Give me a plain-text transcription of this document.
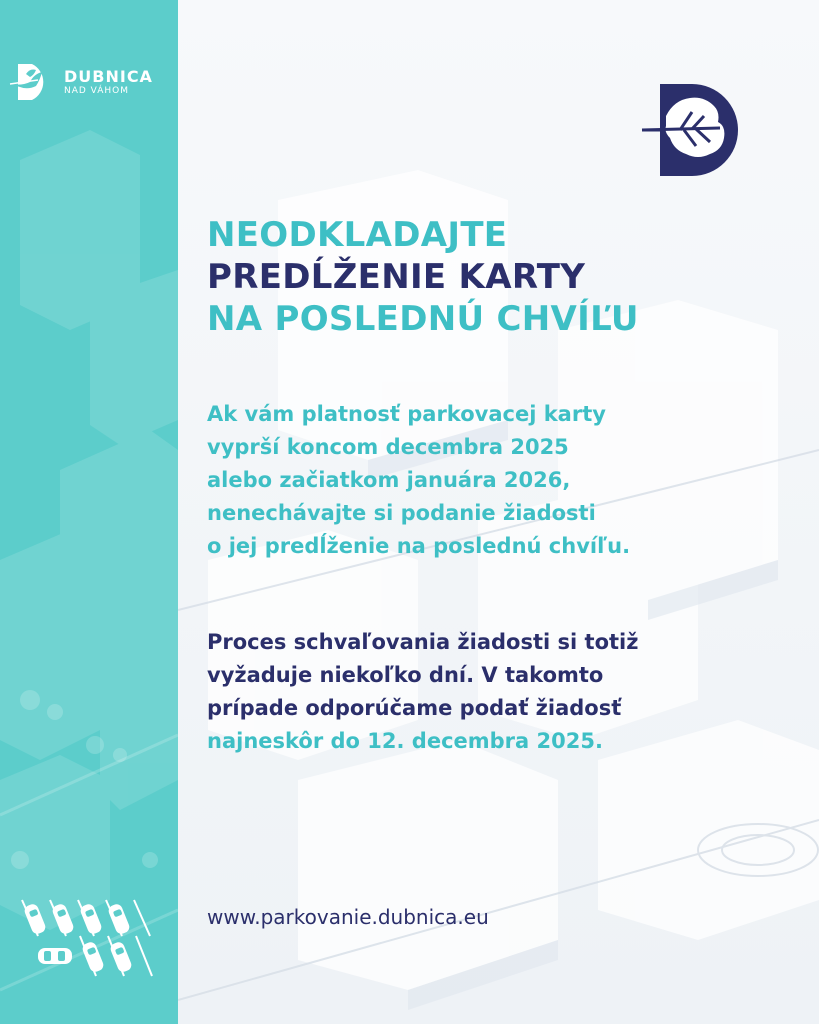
DUBNICA
NAD VÁHOM
NEODKLADAJTE
PREDĹŽENIE KARTY
NA POSLEDNÚ CHVÍĽU

Ak vám platnosť parkovacej karty
vyprší koncom decembra 2025
alebo začiatkom januára 2026,
nenechávajte si podanie žiadosti
o jej predĺženie na poslednú chvíľu.

Proces schvaľovania žiadosti si totiž
vyžaduje niekoľko dní. V takomto
prípade odporúčame podať žiadosť
najneskôr do 12. decembra 2025.

www.parkovanie.dubnica.eu
